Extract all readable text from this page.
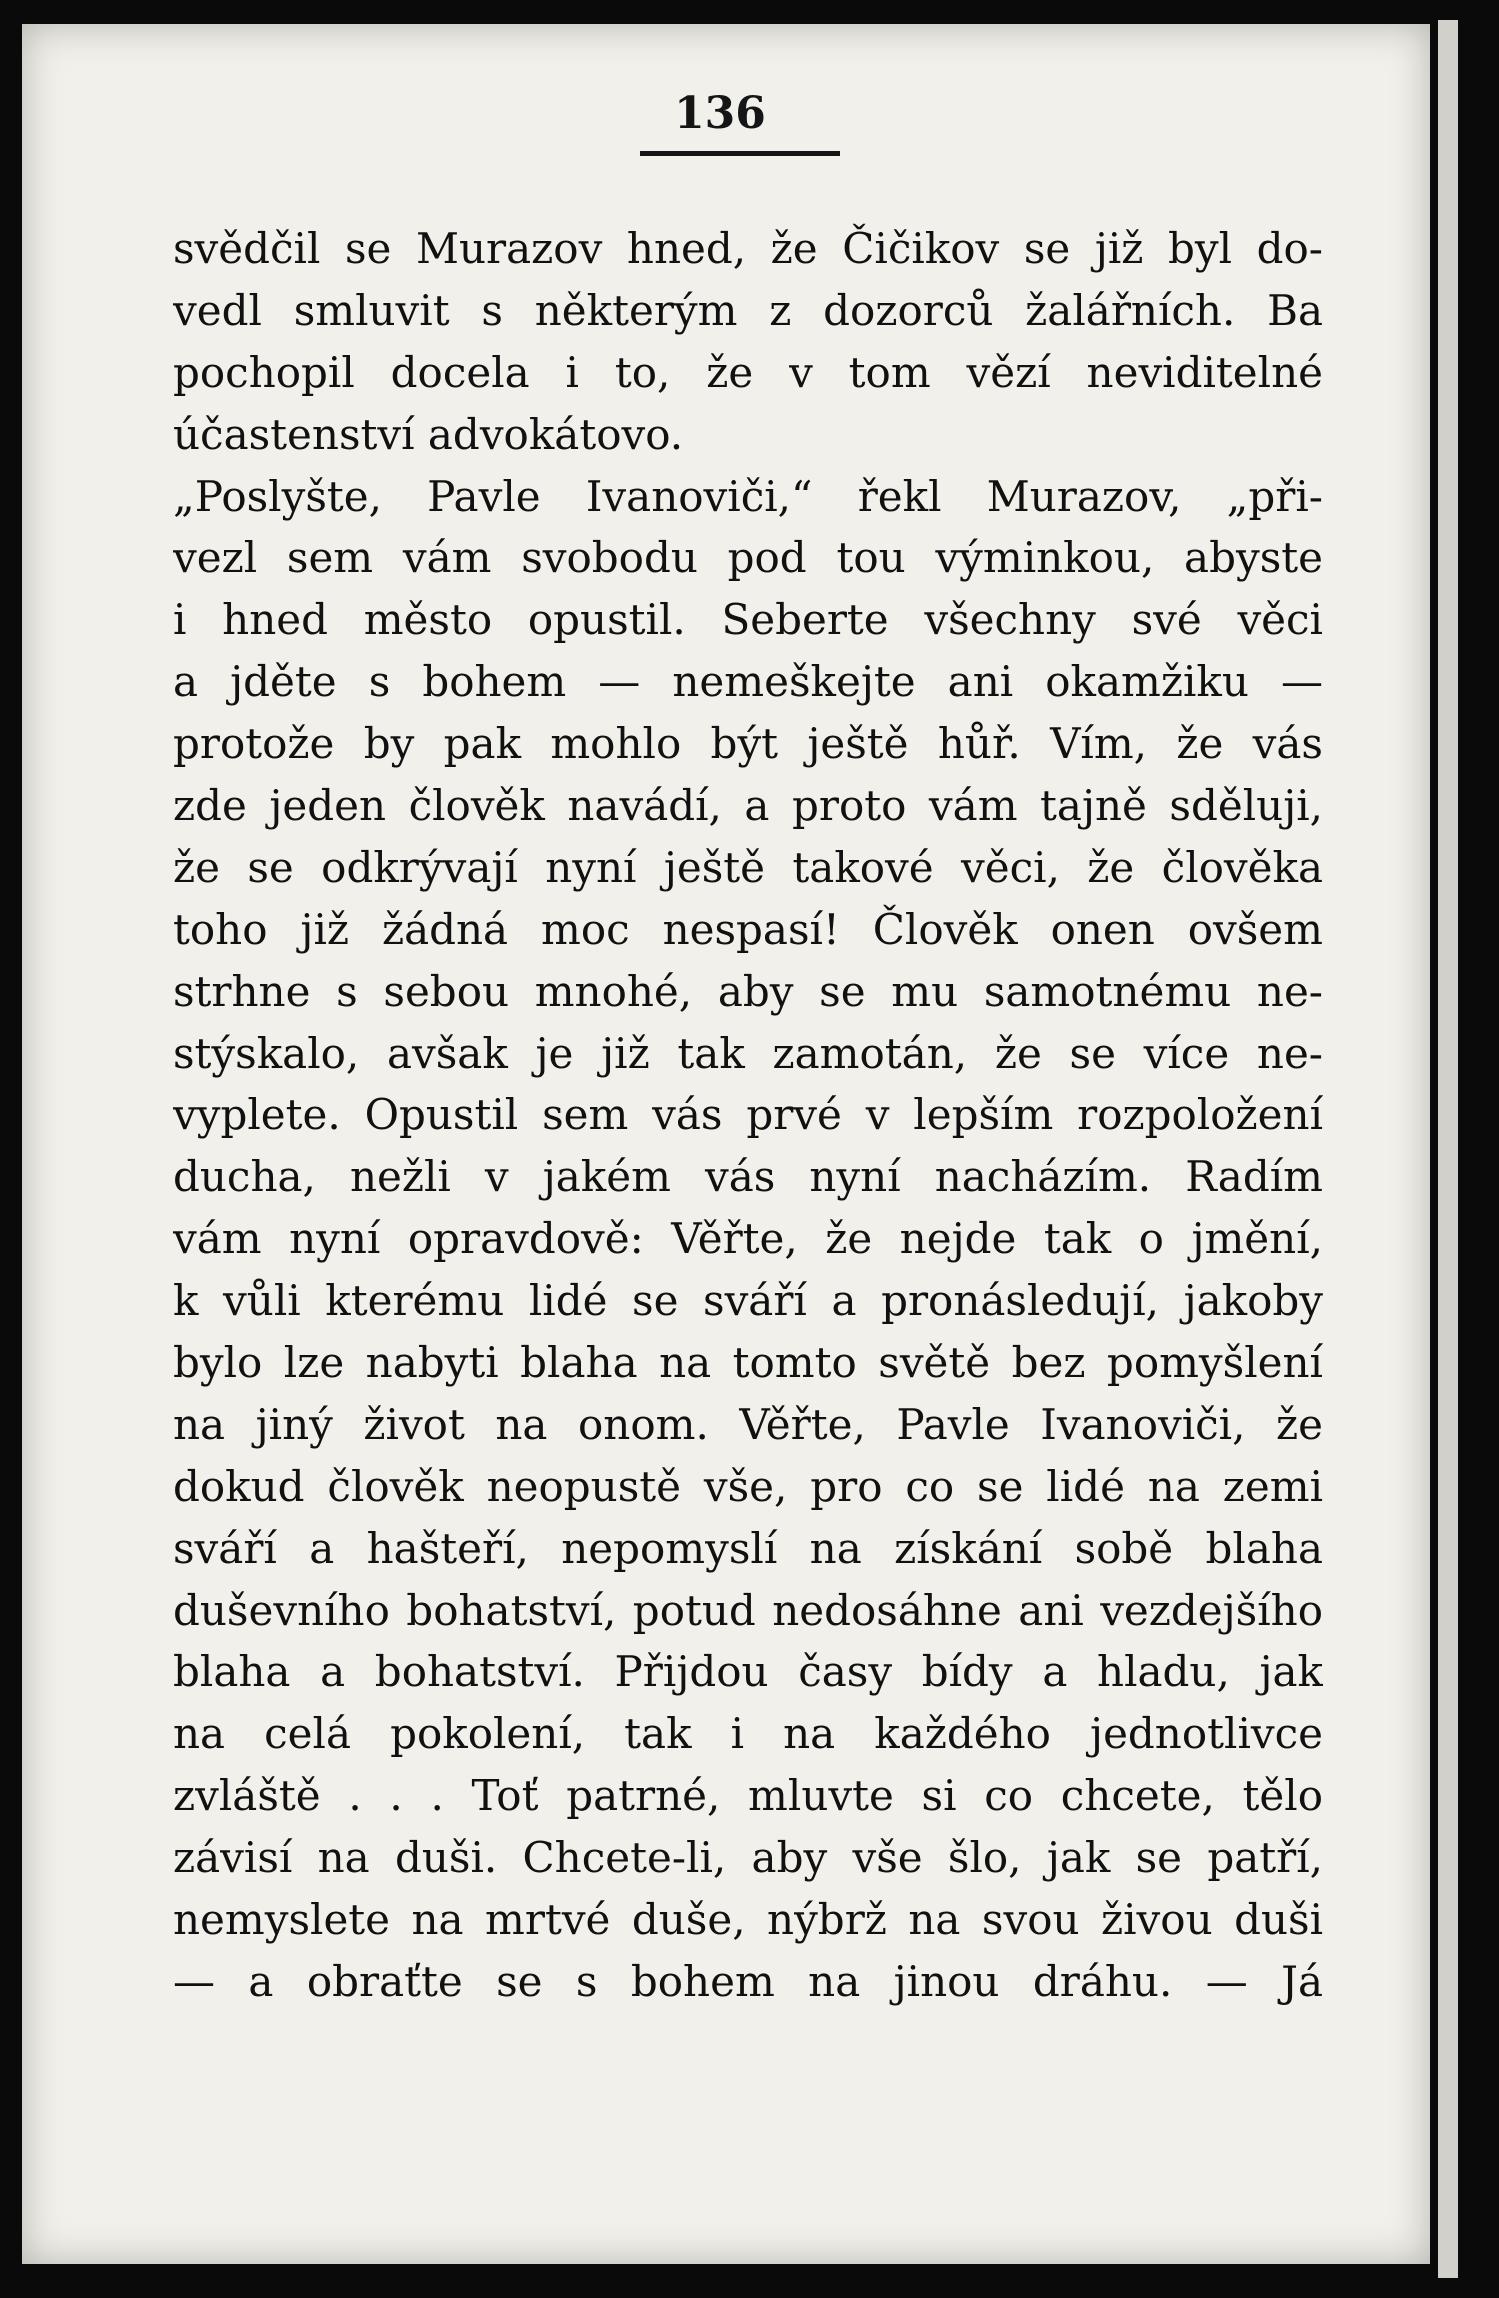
136
svědčil se Murazov hned, že Čičikov se již byl do-
vedl smluvit s některým z dozorců žalářních. Ba
pochopil docela i to, že v tom vězí neviditelné
účastenství advokátovo.
„Poslyšte, Pavle Ivanoviči,“ řekl Murazov, „při-
vezl sem vám svobodu pod tou výminkou, abyste
i hned město opustil. Seberte všechny své věci
a jděte s bohem — nemeškejte ani okamžiku —
protože by pak mohlo být ještě hůř. Vím, že vás
zde jeden člověk navádí, a proto vám tajně sděluji,
že se odkrývají nyní ještě takové věci, že člověka
toho již žádná moc nespasí! Člověk onen ovšem
strhne s sebou mnohé, aby se mu samotnému ne-
stýskalo, avšak je již tak zamotán, že se více ne-
vyplete. Opustil sem vás prvé v lepším rozpoložení
ducha, nežli v jakém vás nyní nacházím. Radím
vám nyní opravdově: Věřte, že nejde tak o jmění,
k vůli kterému lidé se sváří a pronásledují, jakoby
bylo lze nabyti blaha na tomto světě bez pomyšlení
na jiný život na onom. Věřte, Pavle Ivanoviči, že
dokud člověk neopustě vše, pro co se lidé na zemi
sváří a hašteří, nepomyslí na získání sobě blaha
duševního bohatství, potud nedosáhne ani vezdejšího
blaha a bohatství. Přijdou časy bídy a hladu, jak
na celá pokolení, tak i na každého jednotlivce
zvláště . . . Toť patrné, mluvte si co chcete, tělo
závisí na duši. Chcete-li, aby vše šlo, jak se patří,
nemyslete na mrtvé duše, nýbrž na svou živou duši
— a obraťte se s bohem na jinou dráhu. — Já
